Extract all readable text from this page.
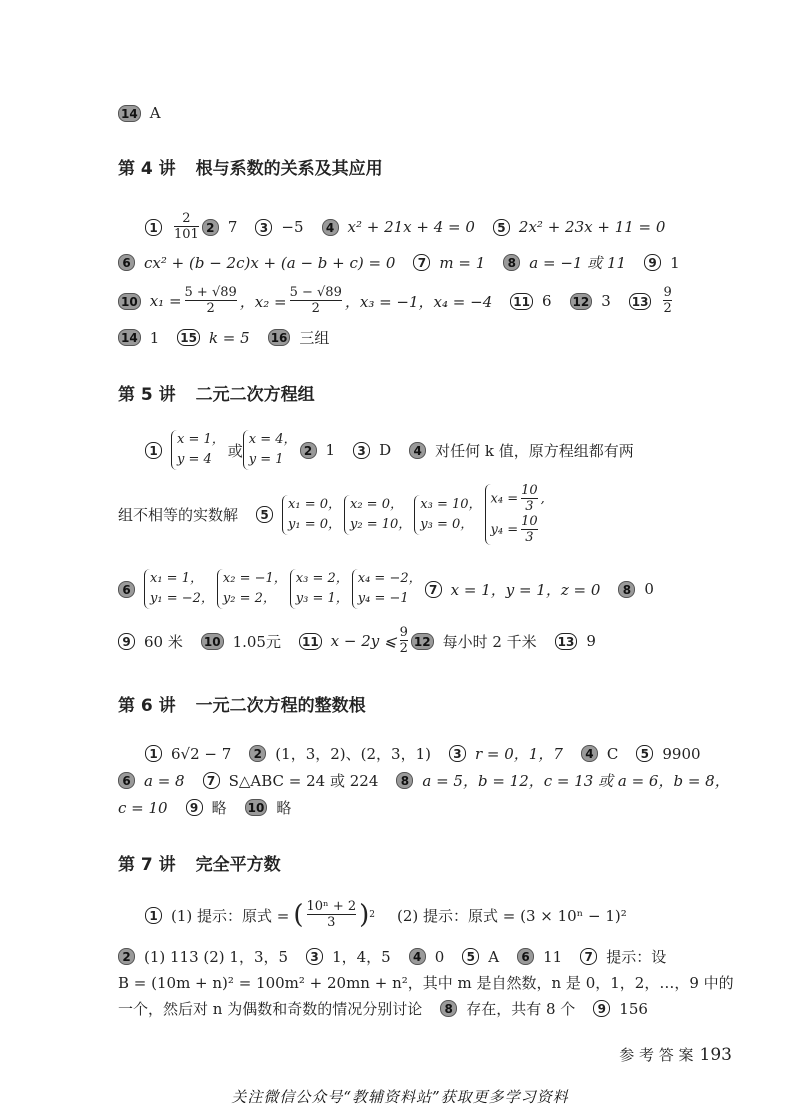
14 A
第 4 讲 根与系数的关系及其应用
1	$\frac{2}{101} 2$ 7	3 −5	4 x² + 21x + 4 = 0	5 2x² + 23x + 11 = 0
6 cx² + (b − 2c)x + (a − b + c) = 0	7 m = 1	8 a = −1 或 11	9 1
10 $x_1 = \frac{5 + √89}{2}$ ，$x_2 = \frac{5 - √89}{2}$ ，x₃ = −1，x₄ = −4 11 6 12 3 $13 \frac{9}{2}$
14 1 15 k = 5 16 三组
第 5 讲 二元二次方程组
1
x = 1，
y = 4	或
x = 4，
y = 1
2 1	3 D	4 对任何 k 值，原方程组都有两
组不相等的实数解	5
x₁ = 0，
y₁ = 0，
x₂ = 0，
y₂ = 10，
x₃ = 10，
y₃ = 0，
$x_4 = \frac{10}{3}$ ,
$y_4 = \frac{10}{3}$
6
x₁ = 1，
y₁ = −2，
x₂ = −1，
y₂ = 2，
x₃ = 2，
y₃ = 1，
x₄ = −2，
y₄ = −1
7 x = 1，y = 1，z = 0	8 0
9 60 米 10 1.05元 11 x − 2y ⩽ $\frac{9}{2} 12$ 每小时 2 千米 13 9
第 6 讲 一元二次方程的整数根
1 6√2 − 7	2 (1，3，2)、(2，3，1)	3 r = 0，1，7	4 C	5 9900
6 a = 8	7 S△ABC = 24 或 224	8 a = 5，b = 12，c = 13 或 a = 6，b = 8，
c = 10	9 略 10 略
第 7 讲 完全平方数
1 (1) 提示：原式 = ( $\frac{\text{10ⁿ + 2}}{3}$ ) 2 (2) 提示：原式 = (3 × 10ⁿ − 1)²
2 (1) 113 (2) 1，3，5	3 1，4，5	4 0	5 A	6 11	7 提示：设
B = (10m + n)² = 100m² + 20mn + n²，其中 m 是自然数，n 是 0，1，2，…，9 中的
一个，然后对 n 为偶数和奇数的情况分别讨论	8 存在，共有 8 个	9 156
参 考 答 案 193
关注微信公众号“教辅资料站”获取更多学习资料
